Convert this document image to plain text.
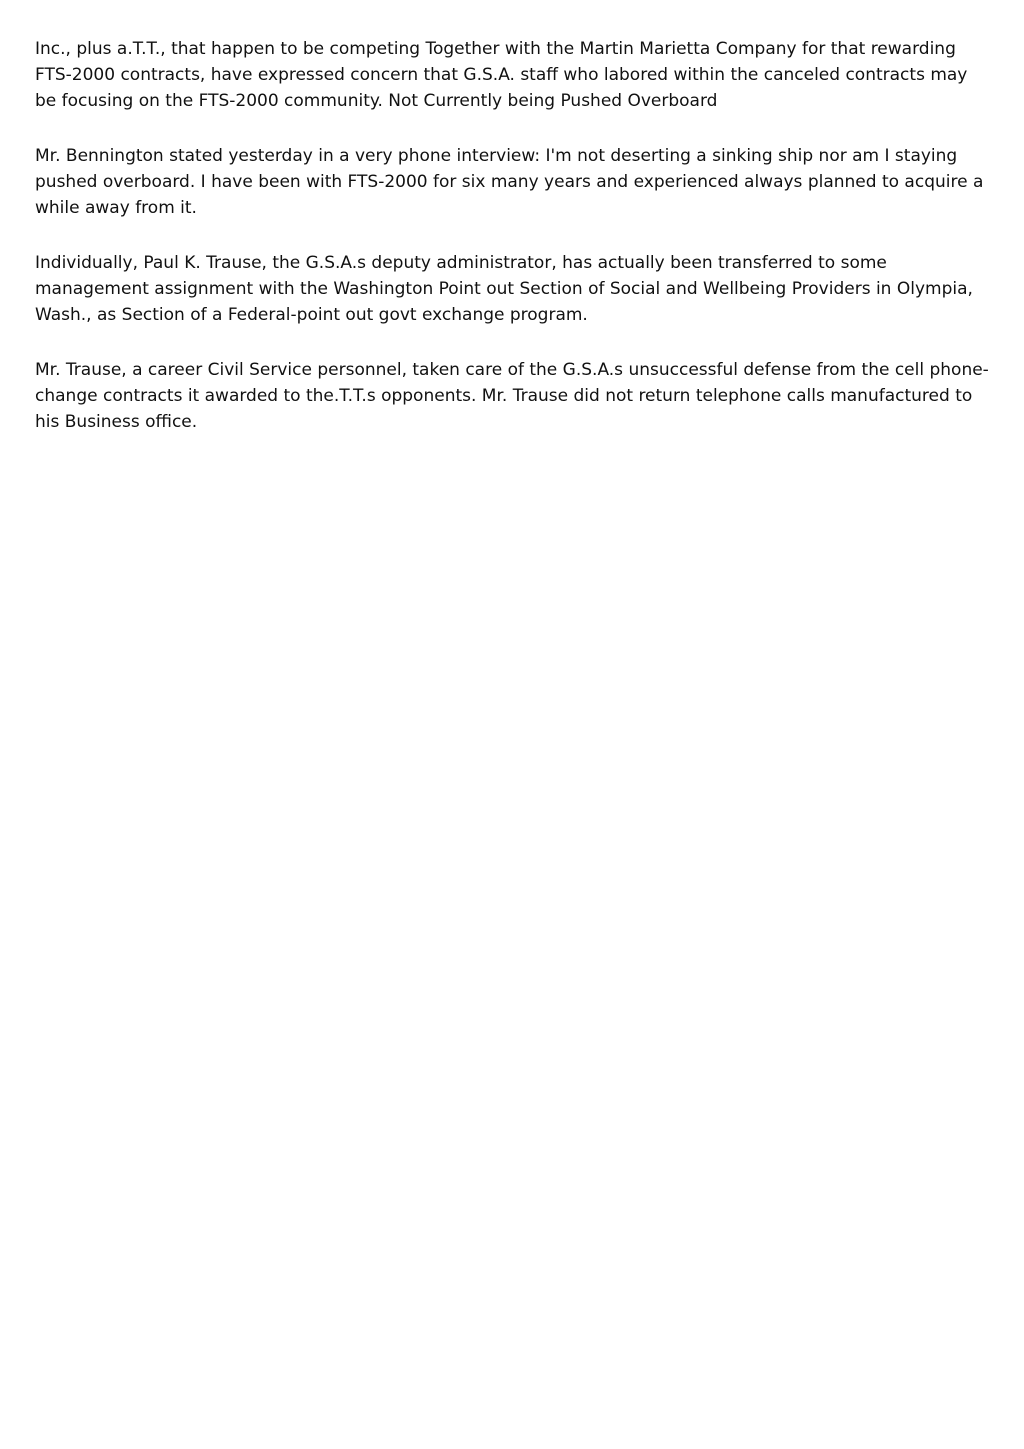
Inc., plus a.T.T., that happen to be competing Together with the Martin Marietta Company for that rewarding FTS-2000 contracts, have expressed concern that G.S.A. staff who labored within the canceled contracts may be focusing on the FTS-2000 community. Not Currently being Pushed Overboard

Mr. Bennington stated yesterday in a very phone interview: I'm not deserting a sinking ship nor am I staying pushed overboard. I have been with FTS-2000 for six many years and experienced always planned to acquire a while away from it.

Individually, Paul K. Trause, the G.S.A.s deputy administrator, has actually been transferred to some management assignment with the Washington Point out Section of Social and Wellbeing Providers in Olympia, Wash., as Section of a Federal-point out govt exchange program.

Mr. Trause, a career Civil Service personnel, taken care of the G.S.A.s unsuccessful defense from the cell phone-change contracts it awarded to the.T.T.s opponents. Mr. Trause did not return telephone calls manufactured to his Business office.
